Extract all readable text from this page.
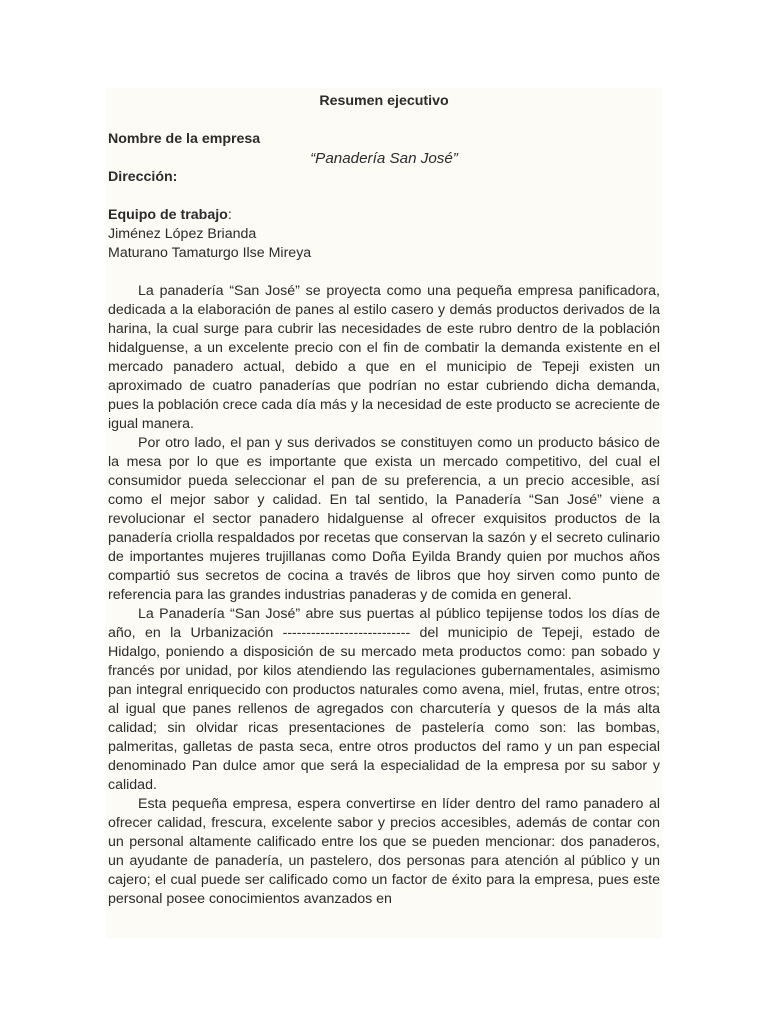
Resumen ejecutivo

Nombre de la empresa

“Panadería San José”

Dirección:

Equipo de trabajo:

Jiménez López Brianda

Maturano Tamaturgo Ilse Mireya

La panadería “San José” se proyecta como una pequeña empresa panificadora, dedicada a la elaboración de panes al estilo casero y demás productos derivados de la harina, la cual surge para cubrir las necesidades de este rubro dentro de la población hidalguense, a un excelente precio con el fin de combatir la demanda existente en el mercado panadero actual, debido a que en el municipio de Tepeji existen un aproximado de cuatro panaderías que podrían no estar cubriendo dicha demanda, pues la población crece cada día más y la necesidad de este producto se acreciente de igual manera.

Por otro lado, el pan y sus derivados se constituyen como un producto básico de la mesa por lo que es importante que exista un mercado competitivo, del cual el consumidor pueda seleccionar el pan de su preferencia, a un precio accesible, así como el mejor sabor y calidad. En tal sentido, la Panadería “San José” viene a revolucionar el sector panadero hidalguense al ofrecer exquisitos productos de la panadería criolla respaldados por recetas que conservan la sazón y el secreto culinario de importantes mujeres trujillanas como Doña Eyilda Brandy quien por muchos años compartió sus secretos de cocina a través de libros que hoy sirven como punto de referencia para las grandes industrias panaderas y de comida en general.

La Panadería “San José” abre sus puertas al público tepijense todos los días de año, en la Urbanización --------------------------- del municipio de Tepeji, estado de Hidalgo, poniendo a disposición de su mercado meta productos como: pan sobado y francés por unidad, por kilos atendiendo las regulaciones gubernamentales, asimismo pan integral enriquecido con productos naturales como avena, miel, frutas, entre otros; al igual que panes rellenos de agregados con charcutería y quesos de la más alta calidad; sin olvidar ricas presentaciones de pastelería como son: las bombas, palmeritas, galletas de pasta seca, entre otros productos del ramo y un pan especial denominado Pan dulce amor que será la especialidad de la empresa por su sabor y calidad.

Esta pequeña empresa, espera convertirse en líder dentro del ramo panadero al ofrecer calidad, frescura, excelente sabor y precios accesibles, además de contar con un personal altamente calificado entre los que se pueden mencionar: dos panaderos, un ayudante de panadería, un pastelero, dos personas para atención al público y un cajero; el cual puede ser calificado como un factor de éxito para la empresa, pues este personal posee conocimientos avanzados en
